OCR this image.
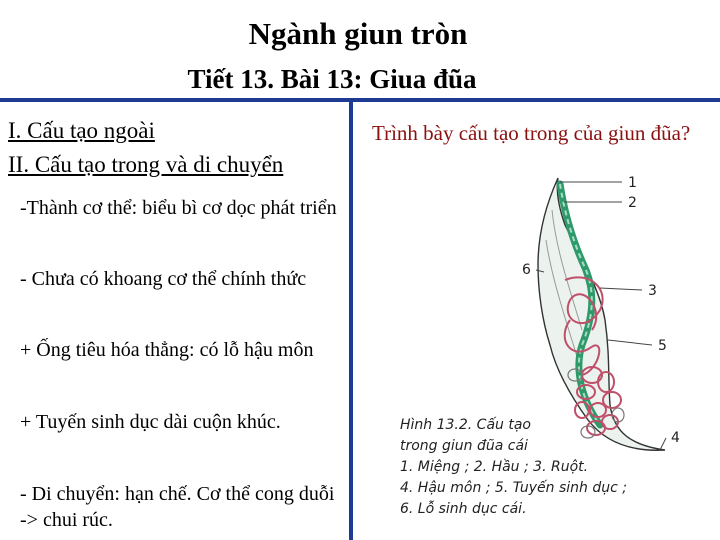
Ngành giun tròn
Tiết 13. Bài 13: Giua đũa
I. Cấu tạo ngoài
II. Cấu tạo trong và di chuyển
-Thành cơ thể: biểu bì cơ dọc phát triển
- Chưa có khoang cơ thể chính thức
+ Ống tiêu hóa thẳng: có lỗ hậu môn
+ Tuyến sinh dục dài cuộn khúc.
- Di chuyển: hạn chế. Cơ thể cong duỗi -> chui rúc.
Trình bày cấu tạo trong của giun đũa?
1
2
3
5
4
6
Hình 13.2. Cấu tạo
trong giun đũa cái
1. Miệng ; 2. Hầu ; 3. Ruột.
4. Hậu môn ; 5. Tuyến sinh dục ;
6. Lỗ sinh dục cái.
